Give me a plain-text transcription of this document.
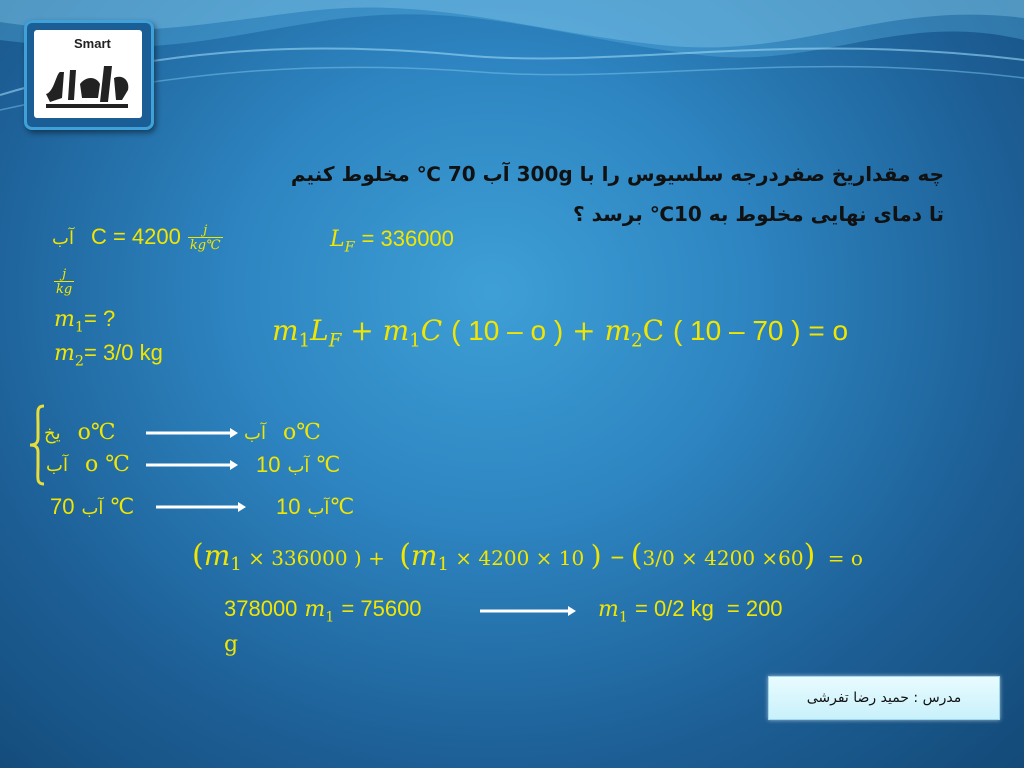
Smart
چه مقداریخ صفردرجه سلسیوس را با 300g آب 70 ℃ مخلوط کنیم
تا دمای نهایی مخلوط به 10℃ برسد ؟
آب $C = 4200 \frac{j}{kg℃}$	$L_F = 336000$
$\frac{j}{kg}$
$m_1=$ ?
$m_2= 3/0$ kg
$m_1L_F + m_1C$ ( 10 – o ) + $m_2C$ ( 10 – 70 ) = o
یخ o℃	آب o℃
آب o ℃	آب 10 ℃
آب 70 ℃	آب 10℃
($m_1 \times 336000$ ) + ($m_1 \times 4200 \times 10$ ) – (3/0 × 4200 ×60) = o
378000 $m_1 = 75600$
g
$m_1 = 0/2$ kg = 200
مدرس : حمید رضا تفرشی
